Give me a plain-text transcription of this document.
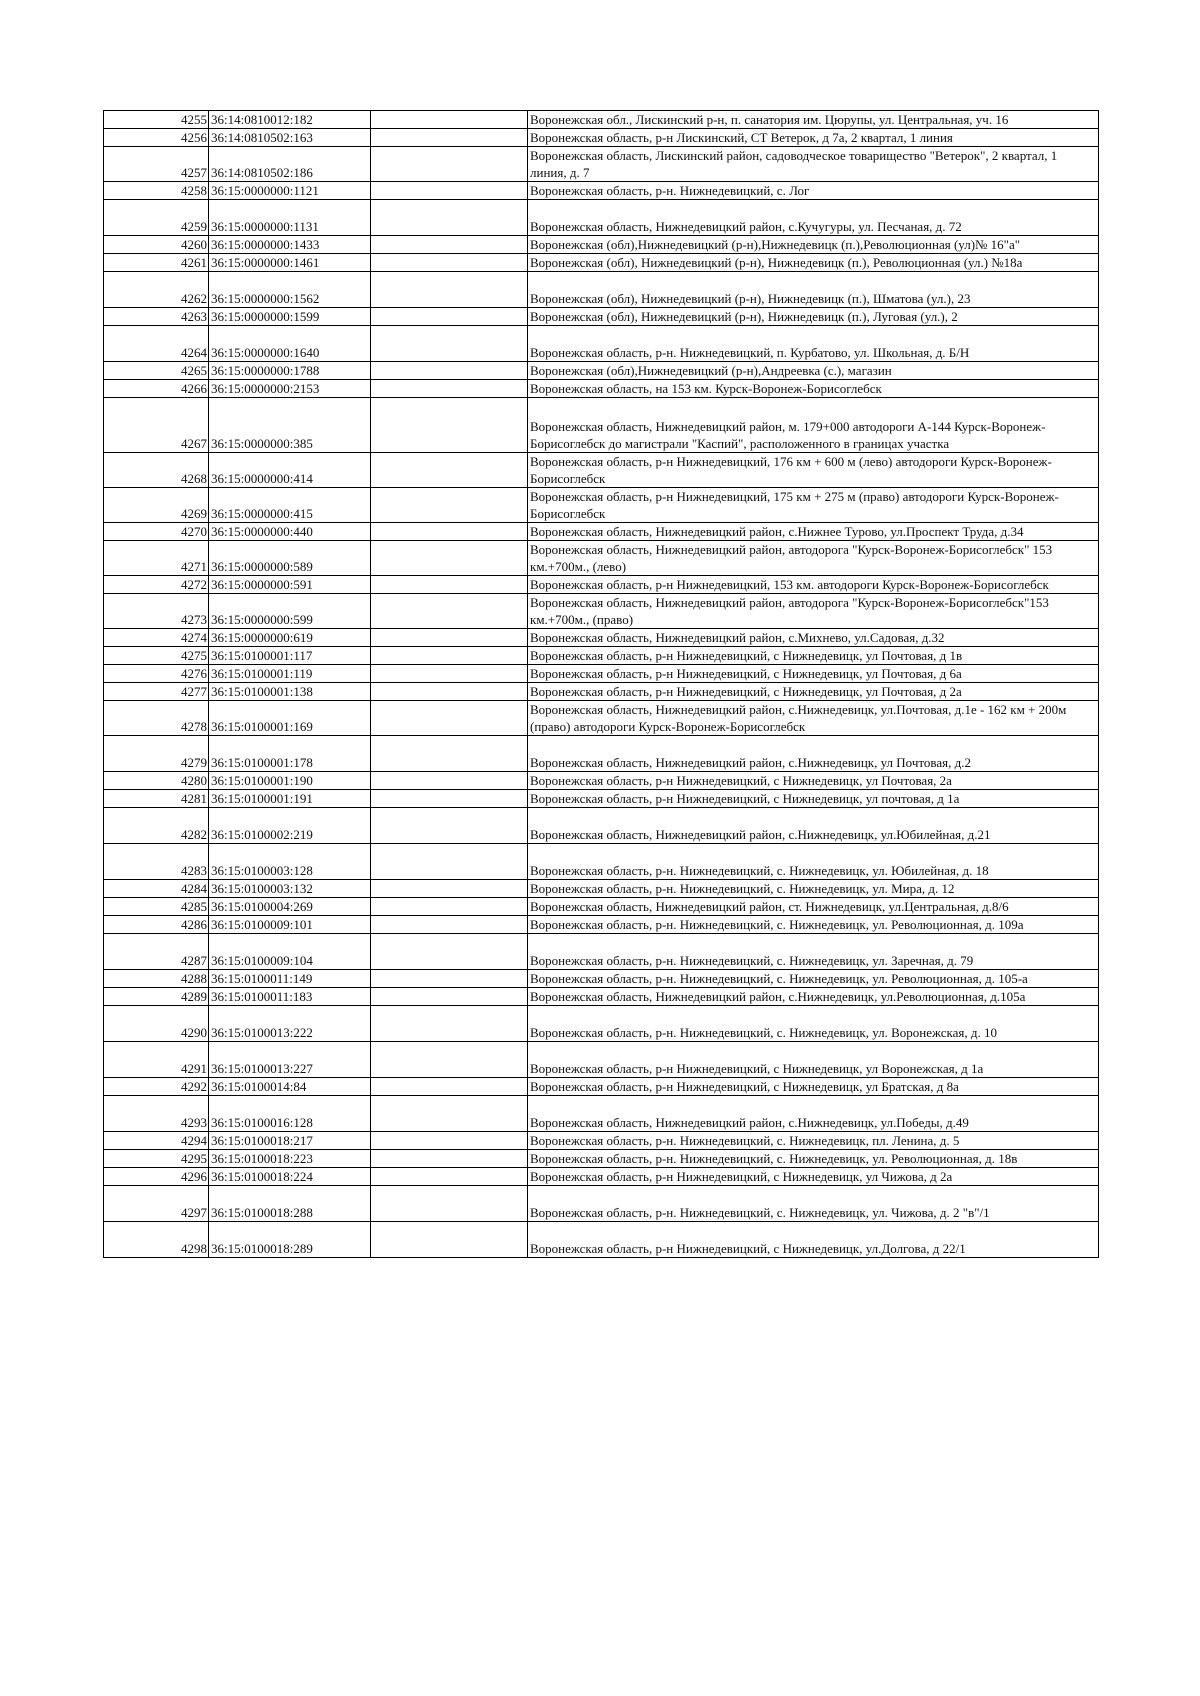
4255	36:14:0810012:182		Воронежская обл., Лискинский р-н, п. санатория им. Цюрупы, ул. Центральная, уч. 16
4256	36:14:0810502:163		Воронежская область, р-н Лискинский, СТ Ветерок, д 7а, 2 квартал, 1 линия
4257	36:14:0810502:186		Воронежская область, Лискинский район, садоводческое товарищество "Ветерок", 2 квартал, 1 линия, д. 7
4258	36:15:0000000:1121		Воронежская область, р-н. Нижнедевицкий, с. Лог
4259	36:15:0000000:1131		Воронежская область, Нижнедевицкий район, с.Кучугуры, ул. Песчаная, д. 72
4260	36:15:0000000:1433		Воронежская (обл),Нижнедевицкий (р-н),Нижнедевицк (п.),Революционная (ул)№ 16"а"
4261	36:15:0000000:1461		Воронежская (обл), Нижнедевицкий (р-н), Нижнедевицк (п.), Революционная (ул.) №18а
4262	36:15:0000000:1562		Воронежская (обл), Нижнедевицкий (р-н), Нижнедевицк (п.), Шматова (ул.), 23
4263	36:15:0000000:1599		Воронежская (обл), Нижнедевицкий (р-н), Нижнедевицк (п.), Луговая (ул.), 2
4264	36:15:0000000:1640		Воронежская область, р-н. Нижнедевицкий, п. Курбатово, ул. Школьная, д. Б/Н
4265	36:15:0000000:1788		Воронежская (обл),Нижнедевицкий (р-н),Андреевка (с.), магазин
4266	36:15:0000000:2153		Воронежская область, на 153 км. Курск-Воронеж-Борисоглебск
4267	36:15:0000000:385		Воронежская область, Нижнедевицкий район, м. 179+000 автодороги А-144 Курск-Воронеж-Борисоглебск до магистрали "Каспий", расположенного в границах участка
4268	36:15:0000000:414		Воронежская область, р-н Нижнедевицкий, 176 км + 600 м (лево) автодороги Курск-Воронеж-Борисоглебск
4269	36:15:0000000:415		Воронежская область, р-н Нижнедевицкий, 175 км + 275 м (право) автодороги Курск-Воронеж-Борисоглебск
4270	36:15:0000000:440		Воронежская область, Нижнедевицкий район, с.Нижнее Турово, ул.Проспект Труда, д.34
4271	36:15:0000000:589		Воронежская область, Нижнедевицкий район, автодорога "Курск-Воронеж-Борисоглебск" 153 км.+700м., (лево)
4272	36:15:0000000:591		Воронежская область, р-н Нижнедевицкий, 153 км. автодороги Курск-Воронеж-Борисоглебск
4273	36:15:0000000:599		Воронежская область, Нижнедевицкий район, автодорога "Курск-Воронеж-Борисоглебск"153 км.+700м., (право)
4274	36:15:0000000:619		Воронежская область, Нижнедевицкий район, с.Михнево, ул.Садовая, д.32
4275	36:15:0100001:117		Воронежская область, р-н Нижнедевицкий, с Нижнедевицк, ул Почтовая, д 1в
4276	36:15:0100001:119		Воронежская область, р-н Нижнедевицкий, с Нижнедевицк, ул Почтовая, д 6а
4277	36:15:0100001:138		Воронежская область, р-н Нижнедевицкий, с Нижнедевицк, ул Почтовая, д 2а
4278	36:15:0100001:169		Воронежская область, Нижнедевицкий район, с.Нижнедевицк, ул.Почтовая, д.1е - 162 км + 200м (право) автодороги Курск-Воронеж-Борисоглебск
4279	36:15:0100001:178		Воронежская область, Нижнедевицкий район, с.Нижнедевицк, ул Почтовая, д.2
4280	36:15:0100001:190		Воронежская область, р-н Нижнедевицкий, с Нижнедевицк, ул Почтовая, 2а
4281	36:15:0100001:191		Воронежская область, р-н Нижнедевицкий, с Нижнедевицк, ул почтовая, д 1а
4282	36:15:0100002:219		Воронежская область, Нижнедевицкий район, с.Нижнедевицк, ул.Юбилейная, д.21
4283	36:15:0100003:128		Воронежская область, р-н. Нижнедевицкий, с. Нижнедевицк, ул. Юбилейная, д. 18
4284	36:15:0100003:132		Воронежская область, р-н. Нижнедевицкий, с. Нижнедевицк, ул. Мира, д. 12
4285	36:15:0100004:269		Воронежская область, Нижнедевицкий район, ст. Нижнедевицк, ул.Центральная, д.8/6
4286	36:15:0100009:101		Воронежская область, р-н. Нижнедевицкий, с. Нижнедевицк, ул. Революционная, д. 109а
4287	36:15:0100009:104		Воронежская область, р-н. Нижнедевицкий, с. Нижнедевицк, ул. Заречная, д. 79
4288	36:15:0100011:149		Воронежская область, р-н. Нижнедевицкий, с. Нижнедевицк, ул. Революционная, д. 105-а
4289	36:15:0100011:183		Воронежская область, Нижнедевицкий район, с.Нижнедевицк, ул.Революционная, д.105а
4290	36:15:0100013:222		Воронежская область, р-н. Нижнедевицкий, с. Нижнедевицк, ул. Воронежская, д. 10
4291	36:15:0100013:227		Воронежская область, р-н Нижнедевицкий, с Нижнедевицк, ул Воронежская, д 1а
4292	36:15:0100014:84		Воронежская область, р-н Нижнедевицкий, с Нижнедевицк, ул Братская, д 8а
4293	36:15:0100016:128		Воронежская область, Нижнедевицкий район, с.Нижнедевицк, ул.Победы, д.49
4294	36:15:0100018:217		Воронежская область, р-н. Нижнедевицкий, с. Нижнедевицк, пл. Ленина, д. 5
4295	36:15:0100018:223		Воронежская область, р-н. Нижнедевицкий, с. Нижнедевицк, ул. Революционная, д. 18в
4296	36:15:0100018:224		Воронежская область, р-н Нижнедевицкий, с Нижнедевицк, ул Чижова, д 2а
4297	36:15:0100018:288		Воронежская область, р-н. Нижнедевицкий, с. Нижнедевицк, ул. Чижова, д. 2 "в"/1
4298	36:15:0100018:289		Воронежская область, р-н Нижнедевицкий, с Нижнедевицк, ул.Долгова, д 22/1
